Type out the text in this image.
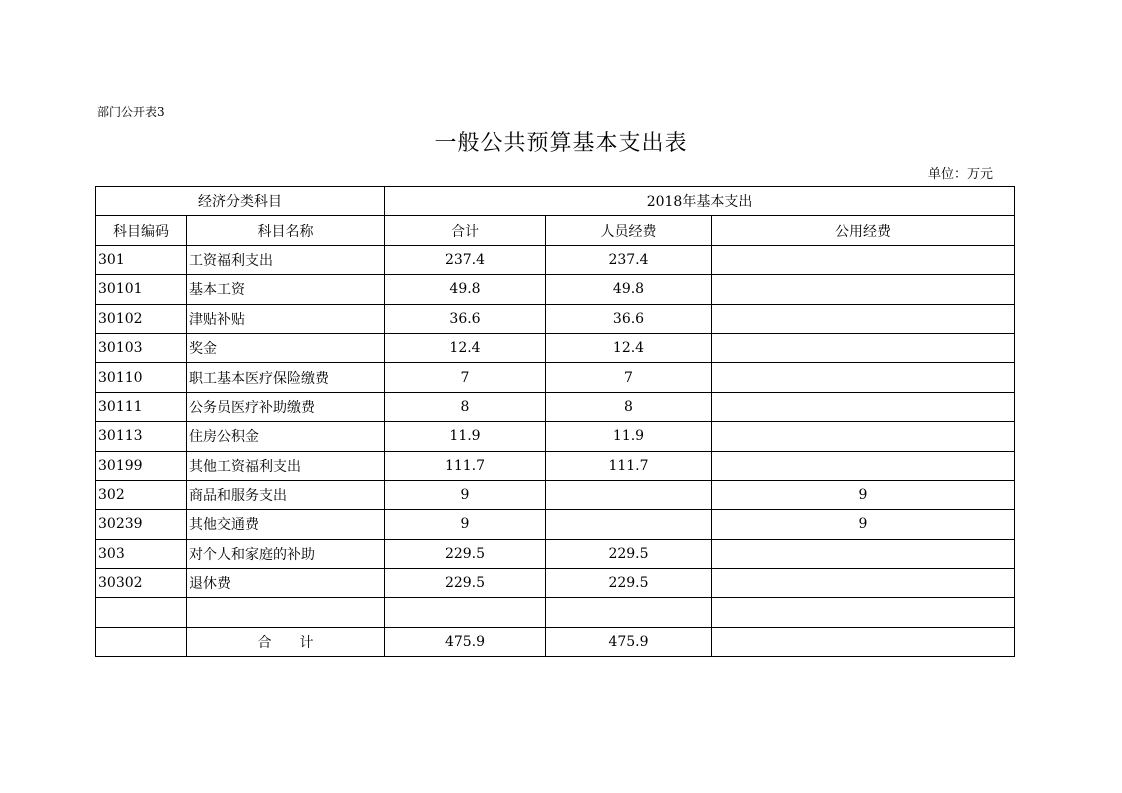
部门公开表3
一般公共预算基本支出表
单位：万元
经济分类科目		2018年基本支出		
科目编码	科目名称	合计	人员经费	公用经费
301	工资福利支出	237.4	237.4	
30101	基本工资	49.8	49.8	
30102	津贴补贴	36.6	36.6	
30103	奖金	12.4	12.4	
30110	职工基本医疗保险缴费	7	7	
30111	公务员医疗补助缴费	8	8	
30113	住房公积金	11.9	11.9	
30199	其他工资福利支出	111.7	111.7	
302	商品和服务支出	9		9
30239	其他交通费	9		9
303	对个人和家庭的补助	229.5	229.5	
30302	退休费	229.5	229.5	

	合　　计	475.9	475.9	
